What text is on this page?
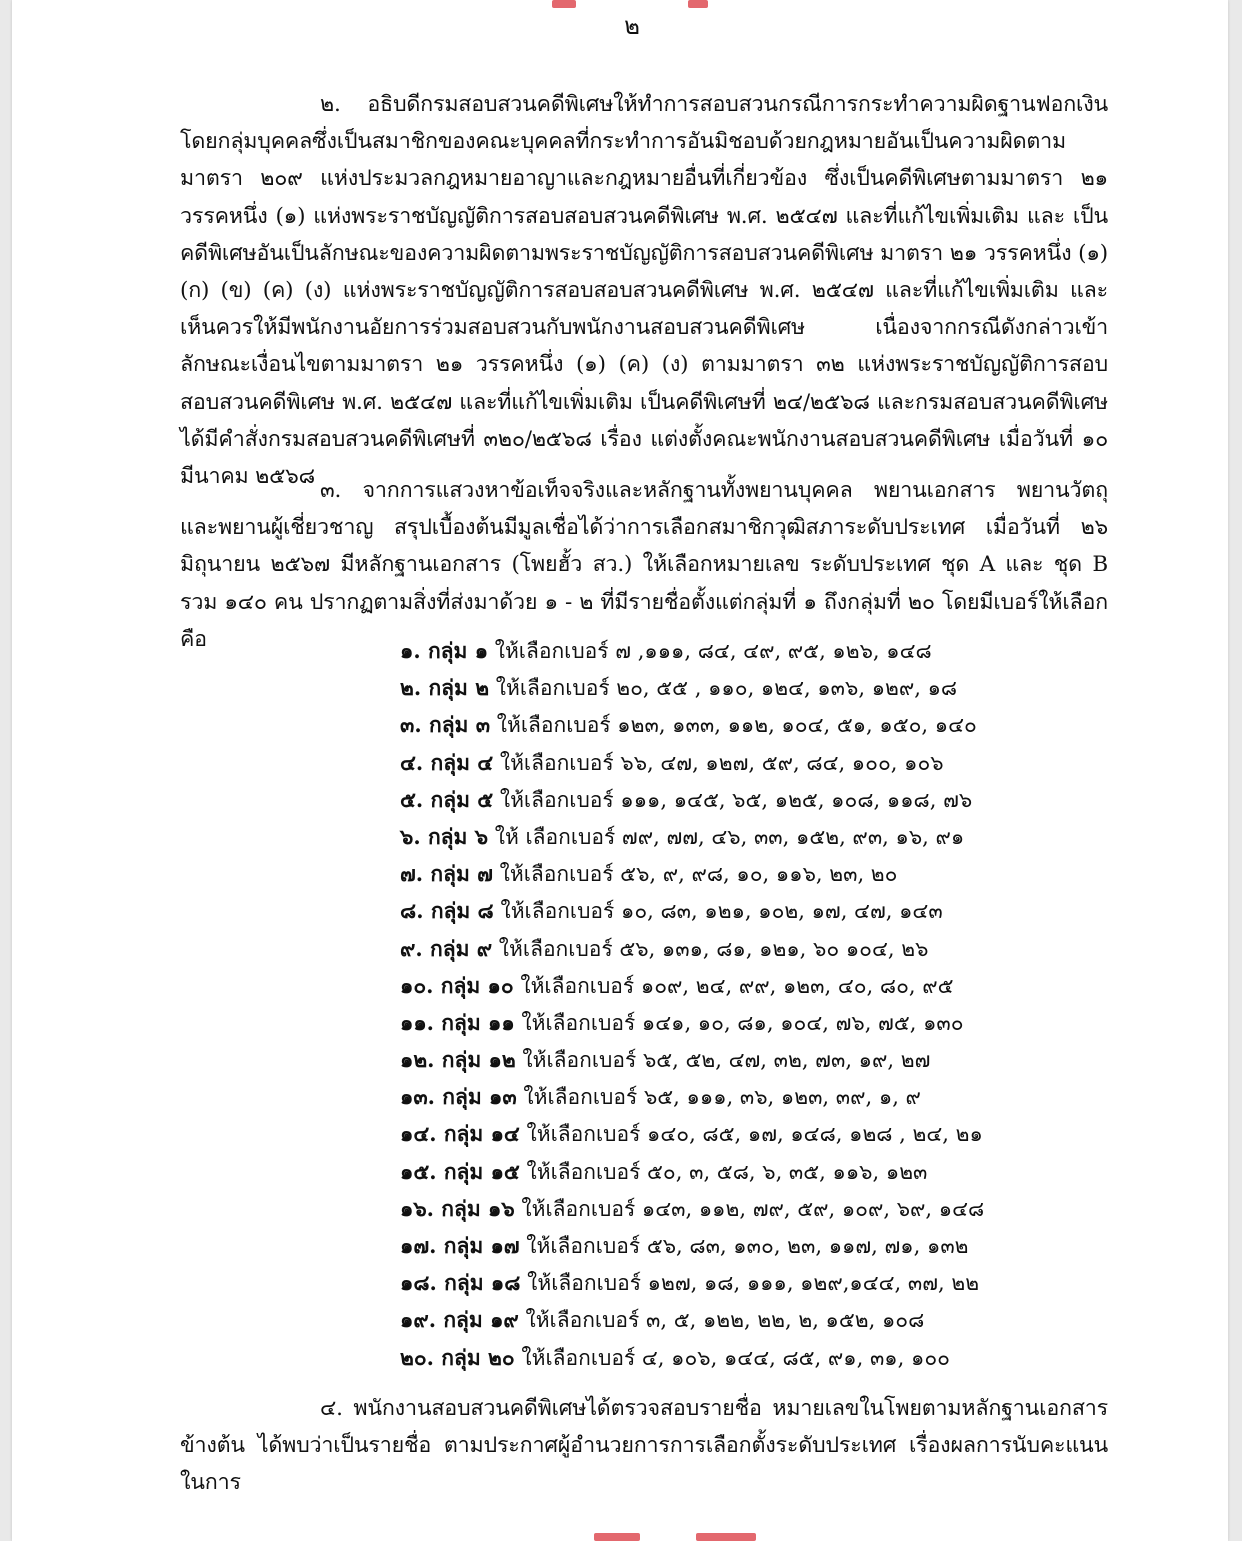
๒

๒. อธิบดีกรมสอบสวนคดีพิเศษให้ทำการสอบสวนกรณีการกระทำความผิดฐานฟอกเงินโดยกลุ่มบุคคลซึ่งเป็นสมาชิกของคณะบุคคลที่กระทำการอันมิชอบด้วยกฎหมายอันเป็นความผิดตามมาตรา ๒๐๙ แห่งประมวลกฎหมายอาญาและกฎหมายอื่นที่เกี่ยวข้อง ซึ่งเป็นคดีพิเศษตามมาตรา ๒๑ วรรคหนึ่ง (๑) แห่งพระราชบัญญัติการสอบสอบสวนคดีพิเศษ พ.ศ. ๒๕๔๗ และที่แก้ไขเพิ่มเติม และ เป็นคดีพิเศษอันเป็นลักษณะของความผิดตามพระราชบัญญัติการสอบสวนคดีพิเศษ มาตรา ๒๑ วรรคหนึ่ง (๑) (ก) (ข) (ค) (ง) แห่งพระราชบัญญัติการสอบสอบสวนคดีพิเศษ พ.ศ. ๒๕๔๗ และที่แก้ไขเพิ่มเติม และ เห็นควรให้มีพนักงานอัยการร่วมสอบสวนกับพนักงานสอบสวนคดีพิเศษ เนื่องจากกรณีดังกล่าวเข้าลักษณะเงื่อนไขตามมาตรา ๒๑ วรรคหนึ่ง (๑) (ค) (ง) ตามมาตรา ๓๒ แห่งพระราชบัญญัติการสอบสอบสวนคดีพิเศษ พ.ศ. ๒๕๔๗ และที่แก้ไขเพิ่มเติม เป็นคดีพิเศษที่ ๒๔/๒๕๖๘ และกรมสอบสวนคดีพิเศษได้มีคำสั่งกรมสอบสวนคดีพิเศษที่ ๓๒๐/๒๕๖๘ เรื่อง แต่งตั้งคณะพนักงานสอบสวนคดีพิเศษ เมื่อวันที่ ๑๐ มีนาคม ๒๕๖๘

๓. จากการแสวงหาข้อเท็จจริงและหลักฐานทั้งพยานบุคคล พยานเอกสาร พยานวัตถุ และพยานผู้เชี่ยวชาญ สรุปเบื้องต้นมีมูลเชื่อได้ว่าการเลือกสมาชิกวุฒิสภาระดับประเทศ เมื่อวันที่ ๒๖ มิถุนายน ๒๕๖๗ มีหลักฐานเอกสาร (โพยฮั้ว สว.) ให้เลือกหมายเลข ระดับประเทศ ชุด A และ ชุด B รวม ๑๔๐ คน ปรากฏตามสิ่งที่ส่งมาด้วย ๑ - ๒ ที่มีรายชื่อตั้งแต่กลุ่มที่ ๑ ถึงกลุ่มที่ ๒๐ โดยมีเบอร์ให้เลือก คือ	๑. กลุ่ม ๑ ให้เลือกเบอร์ ๗ ,๑๑๑, ๘๔, ๔๙, ๙๕, ๑๒๖, ๑๔๘
๒. กลุ่ม ๒ ให้เลือกเบอร์ ๒๐, ๕๕ , ๑๑๐, ๑๒๔, ๑๓๖, ๑๒๙, ๑๘
๓. กลุ่ม ๓ ให้เลือกเบอร์ ๑๒๓, ๑๓๓, ๑๑๒, ๑๐๔, ๕๑, ๑๕๐, ๑๔๐
๔. กลุ่ม ๔ ให้เลือกเบอร์ ๖๖, ๔๗, ๑๒๗, ๕๙, ๘๔, ๑๐๐, ๑๐๖
๕. กลุ่ม ๕ ให้เลือกเบอร์ ๑๑๑, ๑๔๕, ๖๕, ๑๒๕, ๑๐๘, ๑๑๘, ๗๖
๖. กลุ่ม ๖ ให้ เลือกเบอร์ ๗๙, ๗๗, ๔๖, ๓๓, ๑๕๒, ๙๓, ๑๖, ๙๑
๗. กลุ่ม ๗ ให้เลือกเบอร์ ๕๖, ๙, ๙๘, ๑๐, ๑๑๖, ๒๓, ๒๐
๘. กลุ่ม ๘ ให้เลือกเบอร์ ๑๐, ๘๓, ๑๒๑, ๑๐๒, ๑๗, ๔๗, ๑๔๓
๙. กลุ่ม ๙ ให้เลือกเบอร์ ๕๖, ๑๓๑, ๘๑, ๑๒๑, ๖๐ ๑๐๔, ๒๖
๑๐. กลุ่ม ๑๐ ให้เลือกเบอร์ ๑๐๙, ๒๔, ๙๙, ๑๒๓, ๔๐, ๘๐, ๙๕
๑๑. กลุ่ม ๑๑ ให้เลือกเบอร์ ๑๔๑, ๑๐, ๘๑, ๑๐๔, ๗๖, ๗๕, ๑๓๐
๑๒. กลุ่ม ๑๒ ให้เลือกเบอร์ ๖๕, ๕๒, ๔๗, ๓๒, ๗๓, ๑๙, ๒๗
๑๓. กลุ่ม ๑๓ ให้เลือกเบอร์ ๖๕, ๑๑๑, ๓๖, ๑๒๓, ๓๙, ๑, ๙
๑๔. กลุ่ม ๑๔ ให้เลือกเบอร์ ๑๔๐, ๘๕, ๑๗, ๑๔๘, ๑๒๘ , ๒๔, ๒๑
๑๕. กลุ่ม ๑๕ ให้เลือกเบอร์ ๕๐, ๓, ๕๘, ๖, ๓๕, ๑๑๖, ๑๒๓
๑๖. กลุ่ม ๑๖ ให้เลือกเบอร์ ๑๔๓, ๑๑๒, ๗๙, ๕๙, ๑๐๙, ๖๙, ๑๔๘
๑๗. กลุ่ม ๑๗ ให้เลือกเบอร์ ๕๖, ๘๓, ๑๓๐, ๒๓, ๑๑๗, ๗๑, ๑๓๒
๑๘. กลุ่ม ๑๘ ให้เลือกเบอร์ ๑๒๗, ๑๘, ๑๑๑, ๑๒๙,๑๔๔, ๓๗, ๒๒
๑๙. กลุ่ม ๑๙ ให้เลือกเบอร์ ๓, ๕, ๑๒๒, ๒๒, ๒, ๑๕๒, ๑๐๘
๒๐. กลุ่ม ๒๐ ให้เลือกเบอร์ ๔, ๑๐๖, ๑๔๔, ๘๕, ๙๑, ๓๑, ๑๐๐

๔. พนักงานสอบสวนคดีพิเศษได้ตรวจสอบรายชื่อ หมายเลขในโพยตามหลักฐานเอกสารข้างต้น ได้พบว่าเป็นรายชื่อ ตามประกาศผู้อำนวยการการเลือกตั้งระดับประเทศ เรื่องผลการนับคะแนนในการ
